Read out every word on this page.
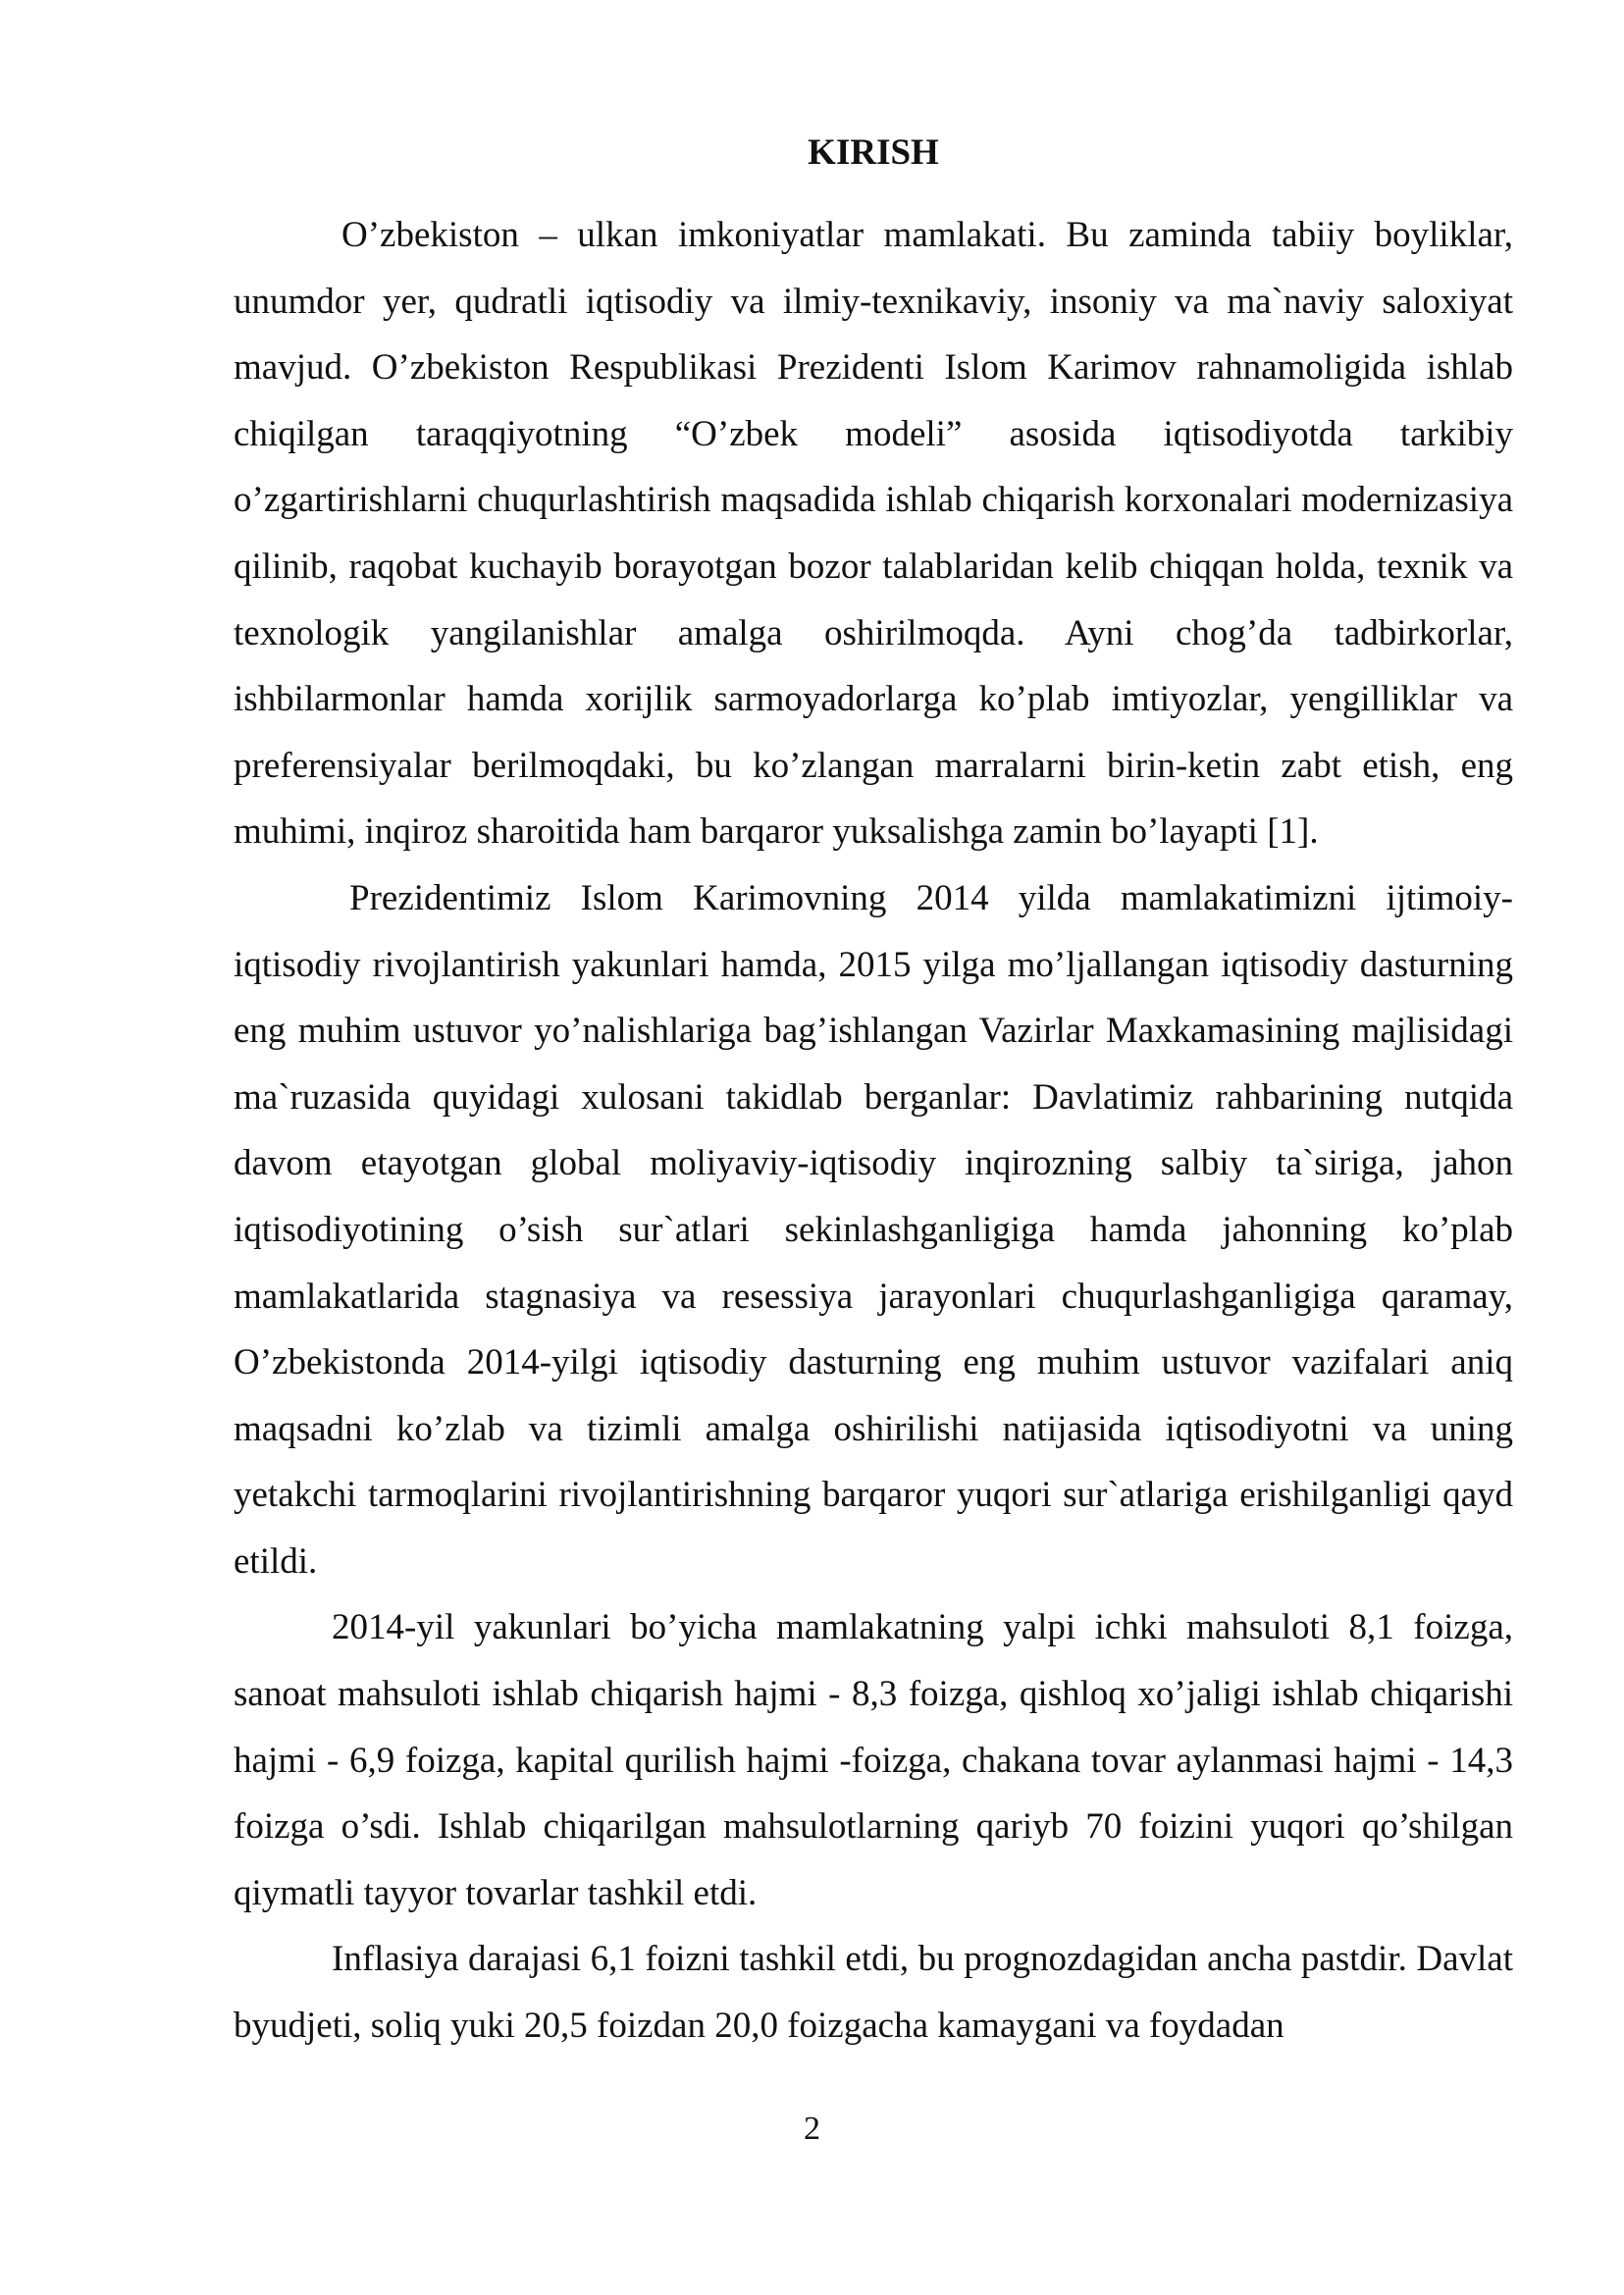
KIRISH

O’zbekiston – ulkan imkoniyatlar mamlakati. Bu zaminda tabiiy boyliklar, unumdor yer, qudratli iqtisodiy va ilmiy-texnikaviy, insoniy va ma`naviy saloxiyat mavjud. O’zbekiston Respublikasi Prezidenti Islom Karimov rahnamoligida ishlab chiqilgan taraqqiyotning “O’zbek modeli” asosida iqtisodiyotda tarkibiy o’zgartirishlarni chuqurlashtirish maqsadida ishlab chiqarish korxonalari modernizasiya qilinib, raqobat kuchayib borayotgan bozor talablaridan kelib chiqqan holda, texnik va texnologik yangilanishlar amalga oshirilmoqda. Ayni chog’da tadbirkorlar, ishbilarmonlar hamda xorijlik sarmoyadorlarga ko’plab imtiyozlar, yengilliklar va preferensiyalar berilmoqdaki, bu ko’zlangan marralarni birin-ketin zabt etish, eng muhimi, inqiroz sharoitida ham barqaror yuksalishga zamin bo’layapti [1].

Prezidentimiz Islom Karimovning 2014 yilda mamlakatimizni ijtimoiy-iqtisodiy rivojlantirish yakunlari hamda, 2015 yilga mo’ljallangan iqtisodiy dasturning eng muhim ustuvor yo’nalishlariga bag’ishlangan Vazirlar Maxkamasining majlisidagi ma`ruzasida quyidagi xulosani takidlab berganlar: Davlatimiz rahbarining nutqida davom etayotgan global moliyaviy-iqtisodiy inqirozning salbiy ta`siriga, jahon iqtisodiyotining o’sish sur`atlari sekinlashganligiga hamda jahonning ko’plab mamlakatlarida stagnasiya va resessiya jarayonlari chuqurlashganligiga qaramay, O’zbekistonda 2014-yilgi iqtisodiy dasturning eng muhim ustuvor vazifalari aniq maqsadni ko’zlab va tizimli amalga oshirilishi natijasida iqtisodiyotni va uning yetakchi tarmoqlarini rivojlantirishning barqaror yuqori sur`atlariga erishilganligi qayd etildi.

2014-yil yakunlari bo’yicha mamlakatning yalpi ichki mahsuloti 8,1 foizga, sanoat mahsuloti ishlab chiqarish hajmi - 8,3 foizga, qishloq xo’jaligi ishlab chiqarishi hajmi - 6,9 foizga, kapital qurilish hajmi -foizga, chakana tovar aylanmasi hajmi - 14,3 foizga o’sdi. Ishlab chiqarilgan mahsulotlarning qariyb 70 foizini yuqori qo’shilgan qiymatli tayyor tovarlar tashkil etdi.

Inflasiya darajasi 6,1 foizni tashkil etdi, bu prognozdagidan ancha pastdir. Davlat byudjeti, soliq yuki 20,5 foizdan 20,0 foizgacha kamaygani va foydadan

2
